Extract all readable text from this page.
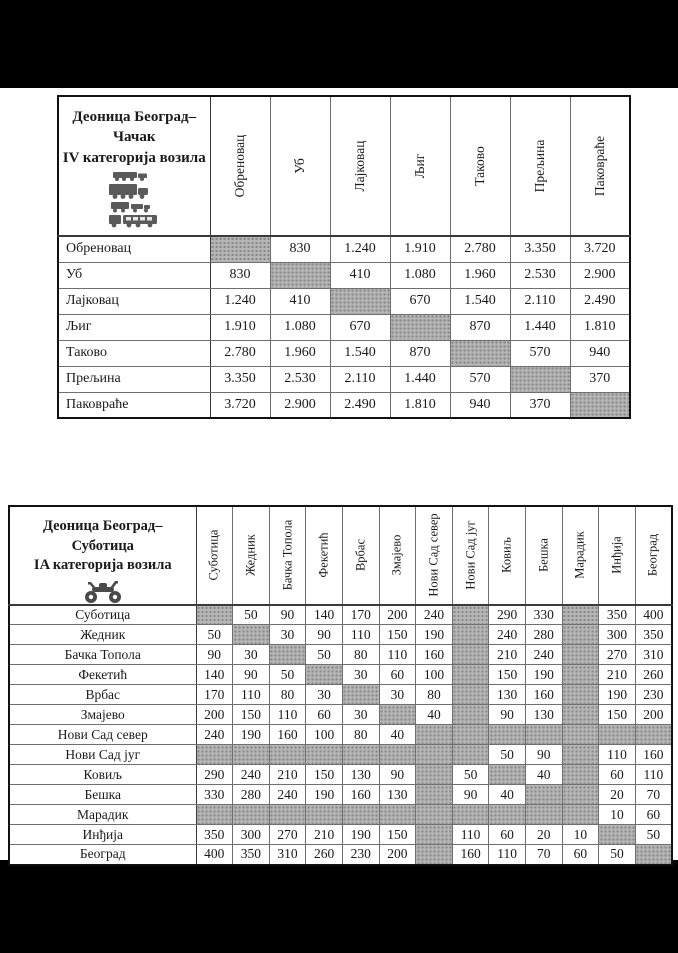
Деоница Београд–
Чачак
IV категорија возила	Обреновац	Уб	Лајковац	Љиг	Таково	Прељина	Паковраће

Обреновац		830	1.240	1.910	2.780	3.350	3.720
Уб	830		410	1.080	1.960	2.530	2.900
Лајковац	1.240	410		670	1.540	2.110	2.490
Љиг	1.910	1.080	670		870	1.440	1.810
Таково	2.780	1.960	1.540	870		570	940
Прељина	3.350	2.530	2.110	1.440	570		370
Паковраће	3.720	2.900	2.490	1.810	940	370	
Деоница Београд–
Суботица
IA категорија возила	Суботица	Жедник	Бачка Топола	Фекетић	Врбас	Змајево	Нови Сад север	Нови Сад југ	Ковиљ	Бешка	Марадик	Инђија	Београд

Суботица		50	90	140	170	200	240		290	330		350	400
Жедник	50		30	90	110	150	190		240	280		300	350
Бачка Топола	90	30		50	80	110	160		210	240		270	310
Фекетић	140	90	50		30	60	100		150	190		210	260
Врбас	170	110	80	30		30	80		130	160		190	230
Змајево	200	150	110	60	30		40		90	130		150	200
Нови Сад север	240	190	160	100	80	40							
Нови Сад југ									50	90		110	160
Ковиљ	290	240	210	150	130	90		50		40		60	110
Бешка	330	280	240	190	160	130		90	40			20	70
Марадик												10	60
Инђија	350	300	270	210	190	150		110	60	20	10		50
Београд	400	350	310	260	230	200		160	110	70	60	50	
